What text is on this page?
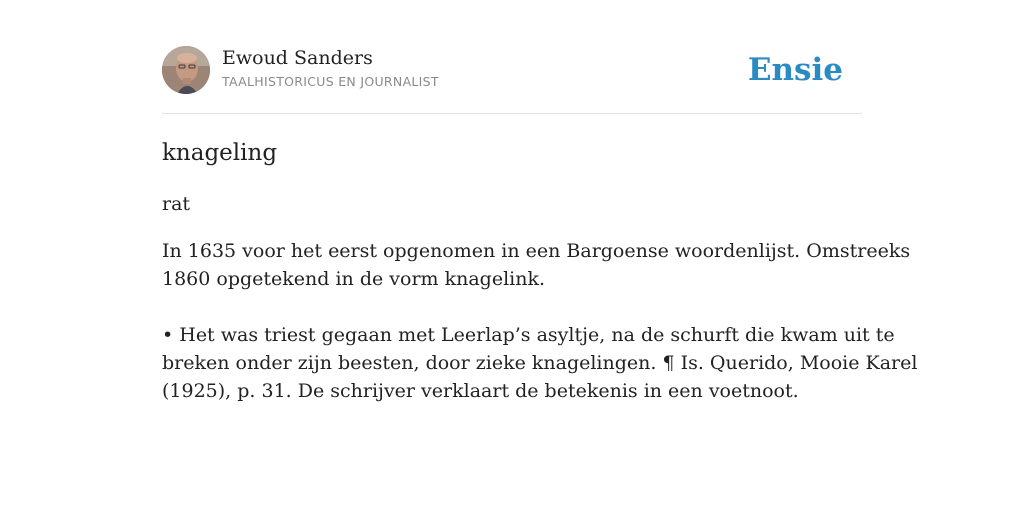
Ewoud Sanders
TAALHISTORICUS EN JOURNALIST	Ensie
knageling
rat
In 1635 voor het eerst opgenomen in een Bargoense woordenlijst. Omstreeks
1860 opgetekend in de vorm knagelink.
• Het was triest gegaan met Leerlap’s asyltje, na de schurft die kwam uit te
breken onder zijn beesten, door zieke knagelingen. ¶ Is. Querido, Mooie Karel
(1925), p. 31. De schrijver verklaart de betekenis in een voetnoot.
